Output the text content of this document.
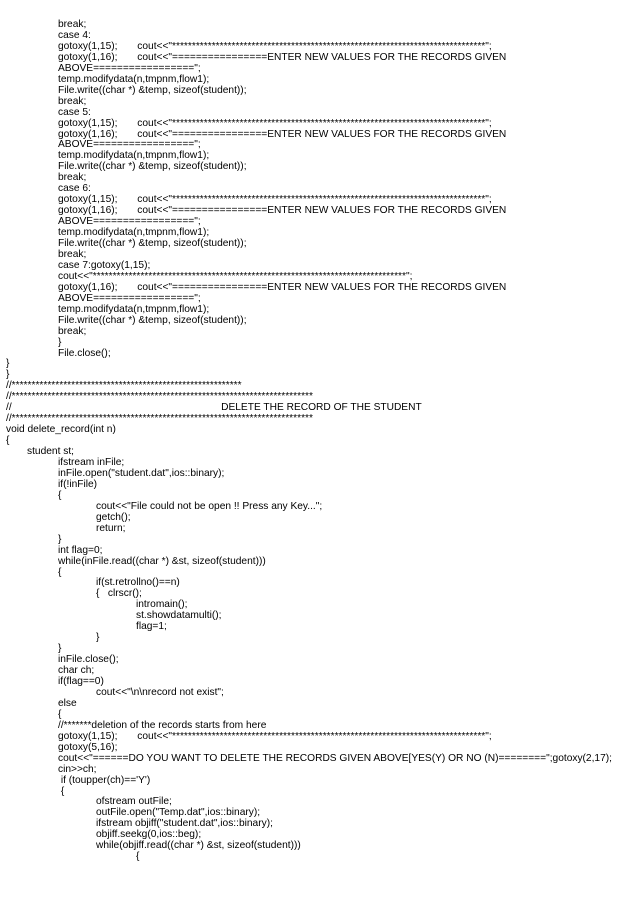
break;
case 4:
gotoxy(1,15);       cout<<"*******************************************************************************";
gotoxy(1,16);       cout<<"================ENTER NEW VALUES FOR THE RECORDS GIVEN
ABOVE=================";
temp.modifydata(n,tmpnm,flow1);
File.write((char *) &temp, sizeof(student));
break;
case 5:
gotoxy(1,15);       cout<<"*******************************************************************************";
gotoxy(1,16);       cout<<"================ENTER NEW VALUES FOR THE RECORDS GIVEN
ABOVE=================";
temp.modifydata(n,tmpnm,flow1);
File.write((char *) &temp, sizeof(student));
break;
case 6:
gotoxy(1,15);       cout<<"*******************************************************************************";
gotoxy(1,16);       cout<<"================ENTER NEW VALUES FOR THE RECORDS GIVEN
ABOVE=================";
temp.modifydata(n,tmpnm,flow1);
File.write((char *) &temp, sizeof(student));
break;
case 7:gotoxy(1,15);
cout<<"*******************************************************************************";
gotoxy(1,16);       cout<<"================ENTER NEW VALUES FOR THE RECORDS GIVEN
ABOVE=================";
temp.modifydata(n,tmpnm,flow1);
File.write((char *) &temp, sizeof(student));
break;
}
File.close();
}
}
//**********************************************************
//****************************************************************************
//                                                                          DELETE THE RECORD OF THE STUDENT
//****************************************************************************
void delete_record(int n)
{
student st;
ifstream inFile;
inFile.open("student.dat",ios::binary);
if(!inFile)
{
cout<<"File could not be open !! Press any Key...";
getch();
return;
}
int flag=0;
while(inFile.read((char *) &st, sizeof(student)))
{
if(st.retrollno()==n)
{   clrscr();
intromain();
st.showdatamulti();
flag=1;
}
}
inFile.close();
char ch;
if(flag==0)
cout<<"\n\nrecord not exist";
else
{
//*******deletion of the records starts from here
gotoxy(1,15);       cout<<"*******************************************************************************";
gotoxy(5,16);
cout<<"======DO YOU WANT TO DELETE THE RECORDS GIVEN ABOVE[YES(Y) OR NO (N)========";gotoxy(2,17);
cin>>ch;
if (toupper(ch)=='Y')
{
ofstream outFile;
outFile.open("Temp.dat",ios::binary);
ifstream objiff("student.dat",ios::binary);
objiff.seekg(0,ios::beg);
while(objiff.read((char *) &st, sizeof(student)))
{
